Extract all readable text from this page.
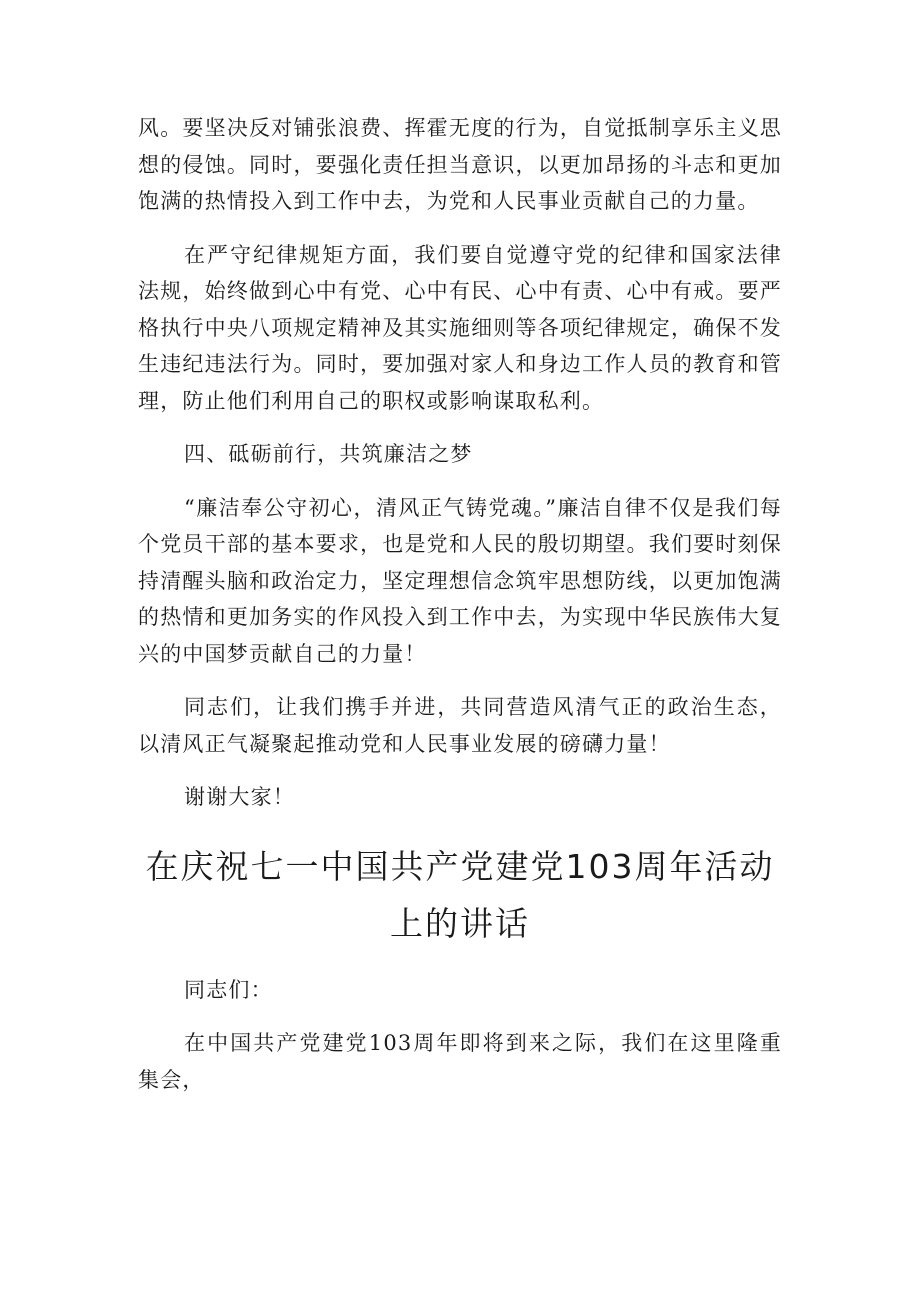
风。要坚决反对铺张浪费、挥霍无度的行为，自觉抵制享乐主义思想的侵蚀。同时，要强化责任担当意识，以更加昂扬的斗志和更加饱满的热情投入到工作中去，为党和人民事业贡献自己的力量。

在严守纪律规矩方面，我们要自觉遵守党的纪律和国家法律法规，始终做到心中有党、心中有民、心中有责、心中有戒。要严格执行中央八项规定精神及其实施细则等各项纪律规定，确保不发生违纪违法行为。同时，要加强对家人和身边工作人员的教育和管理，防止他们利用自己的职权或影响谋取私利。

四、砥砺前行，共筑廉洁之梦

“廉洁奉公守初心，清风正气铸党魂。”廉洁自律不仅是我们每个党员干部的基本要求，也是党和人民的殷切期望。我们要时刻保持清醒头脑和政治定力，坚定理想信念筑牢思想防线，以更加饱满的热情和更加务实的作风投入到工作中去，为实现中华民族伟大复兴的中国梦贡献自己的力量！

同志们，让我们携手并进，共同营造风清气正的政治生态，以清风正气凝聚起推动党和人民事业发展的磅礴力量！

谢谢大家！

在庆祝七一中国共产党建党103周年活动
上的讲话

同志们：

在中国共产党建党103周年即将到来之际，我们在这里隆重集会，
